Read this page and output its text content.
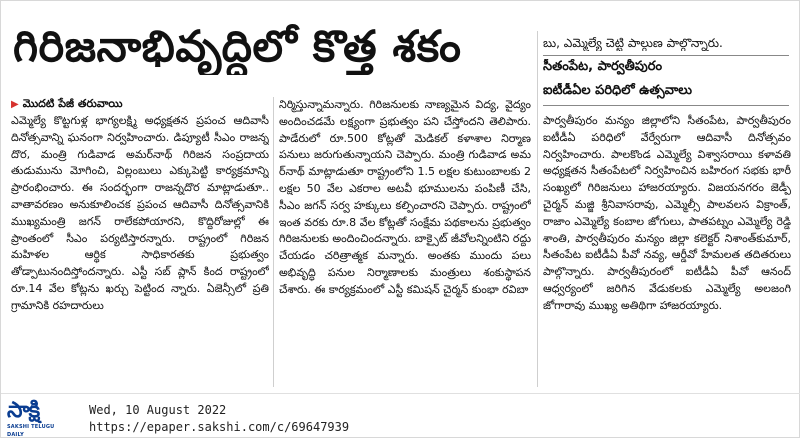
గిరిజనాభివృద్ధిలో కొత్త శకం	బు, ఎమ్మెల్యే చెట్టి పాల్గుణ పాల్గొన్నారు.
సీతంపేట, పార్వతీపురం
ఐటీడీఏల పరిధిలో ఉత్సవాలు
▶ మొదటి పేజీ తరువాయి
ఎమ్మెల్యే కొట్టగుళ్ల భాగ్యలక్ష్మి అధ్యక్షతన ప్రపంచ ఆదివాసీ దినోత్సవాన్ని ఘనంగా నిర్వహించారు. డిప్యూటీ సీఎం రాజన్న దొర, మంత్రి గుడివాడ అమర్‌నాథ్ గిరిజన సంప్రదాయ తుడుమును మోగించి, విల్లంబులు ఎక్కుపెట్టి కార్యక్రమాన్ని ప్రారంభించారు. ఈ సందర్భంగా రాజన్నదొర మాట్లాడుతూ.. వాతావరణం అనుకూలించక ప్రపంచ ఆదివాసీ దినోత్సవానికి ముఖ్యమంత్రి జగన్ రాలేకపోయారని, కొద్దిరోజుల్లో ఈ ప్రాంతంలో సీఎం పర్యటిస్తారన్నారు. రాష్ట్రంలో గిరిజన మహిళల ఆర్థిక సాధికారతకు ప్రభుత్వం తోడ్పాటునందిస్తోందన్నారు. ఎస్టీ సబ్ ప్లాన్ కింద రాష్ట్రంలో రూ.14 వేల కోట్లను ఖర్చు పెట్టింద న్నారు. ఏజెన్సీలో ప్రతి గ్రామానికి రహదారులు
నిర్మిస్తున్నామన్నారు. గిరిజనులకు నాణ్యమైన విద్య, వైద్యం అందించడమే లక్ష్యంగా ప్రభుత్వం పని చేస్తోందని తెలిపారు. పాడేరులో రూ.500 కోట్లతో మెడికల్ కళాశాల నిర్మాణ పనులు జరుగుతున్నాయని చెప్పారు. మంత్రి గుడివాడ అమ ర్‌నాథ్ మాట్లాడుతూ రాష్ట్రంలోని 1.5 లక్షల కుటుంబాలకు 2 లక్షల 50 వేల ఎకరాల అటవీ భూములను పంపిణీ చేసి, సీఎం జగన్ సర్వ హక్కులు కల్పించారని చెప్పారు. రాష్ట్రంలో ఇంత వరకు రూ.8 వేల కోట్లతో సంక్షేమ పథకాలను ప్రభుత్వం గిరిజనులకు అందించిందన్నారు. బాక్సైట్ జీవోలన్నింటిని రద్దు చేయడం చరిత్రాత్మక మన్నారు. అంతకు ముందు పలు అభివృద్ధి పనుల నిర్మాణాలకు మంత్రులు శంకుస్థాపన చేశారు. ఈ కార్యక్రమంలో ఎస్టీ కమిషన్ చైర్మన్ కుంభా రవిబా
పార్వతీపురం మన్యం జిల్లాలోని సీతంపేట, పార్వతీపురం ఐటీడీఏ పరిధిలో వేర్వేరుగా ఆదివాసీ దినోత్సవం నిర్వహించారు. పాలకొండ ఎమ్మెల్యే విశ్వాసరాయి కళావతి అధ్యక్షతన సీతంపేటలో నిర్వహించిన బహిరంగ సభకు భారీ సంఖ్యలో గిరిజనులు హాజరయ్యారు. విజయనగరం జెడ్పీ చైర్మన్ మజ్జి శ్రీనివాసరావు, ఎమ్మెల్సీ పాలవలస విక్రాంత్, రాజాం ఎమ్మెల్యే కంబాల జోగులు, పాతపట్నం ఎమ్మెల్యే రెడ్డి శాంతి, పార్వతీపురం మన్యం జిల్లా కలెక్టర్ నిశాంత్‌కుమార్, సీతంపేట ఐటీడీఏ పీవో నవ్య, ఆర్డీవో హేమలత తదితరులు పాల్గొన్నారు. పార్వతీపురంలో ఐటీడీఏ పీవో ఆనంద్ ఆధ్వర్యంలో జరిగిన వేడుకలకు ఎమ్మెల్యే అలజంగి జోగారావు ముఖ్య అతిథిగా హాజరయ్యారు.
సాక్షి
SAKSHI TELUGU DAILY
Wed, 10 August 2022
https://epaper.sakshi.com/c/69647939
